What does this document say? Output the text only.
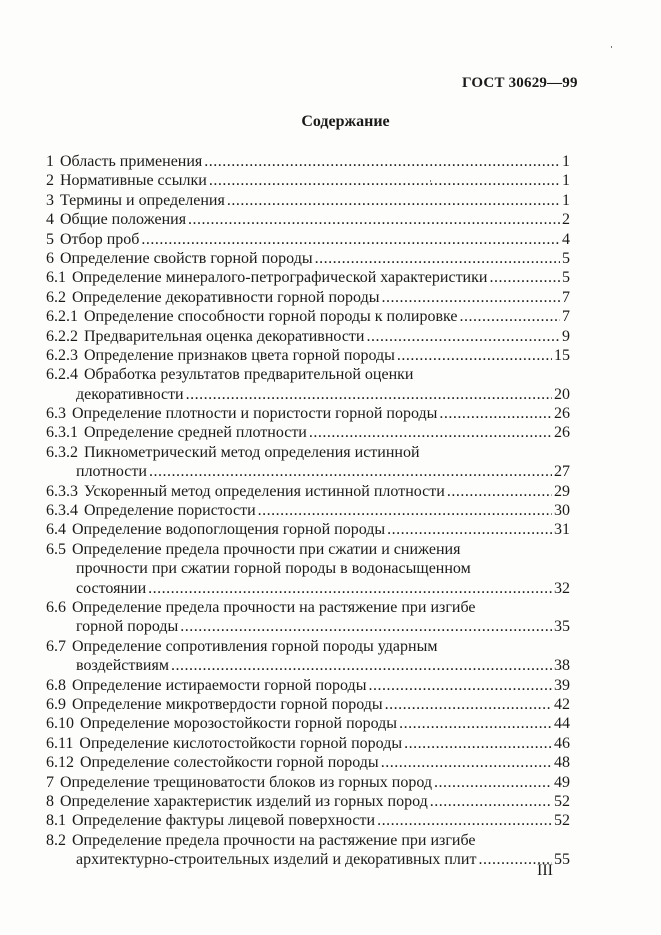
ГОСТ 30629—99
Содержание
1 Область применения .....	1
2 Нормативные ссылки .....	1
3 Термины и определения .....	1
4 Общие положения .....	2
5 Отбор проб .....	4
6 Определение свойств горной породы .....	5
6.1 Определение минералого-петрографической характеристики .....	5
6.2 Определение декоративности горной породы .....	7
6.2.1 Определение способности горной породы к полировке .....	7
6.2.2 Предварительная оценка декоративности .....	9
6.2.3 Определение признаков цвета горной породы .....	15
6.2.4 Обработка результатов предварительной оценки
декоративности .....	20
6.3 Определение плотности и пористости горной породы .....	26
6.3.1 Определение средней плотности .....	26
6.3.2 Пикнометрический метод определения истинной
плотности .....	27
6.3.3 Ускоренный метод определения истинной плотности .....	29
6.3.4 Определение пористости .....	30
6.4 Определение водопоглощения горной породы .....	31
6.5 Определение предела прочности при сжатии и снижения
прочности при сжатии горной породы в водонасыщенном
состоянии .....	32
6.6 Определение предела прочности на растяжение при изгибе
горной породы .....	35
6.7 Определение сопротивления горной породы ударным
воздействиям .....	38
6.8 Определение истираемости горной породы .....	39
6.9 Определение микротвердости горной породы .....	42
6.10 Определение морозостойкости горной породы .....	44
6.11 Определение кислотостойкости горной породы .....	46
6.12 Определение солестойкости горной породы .....	48
7 Определение трещиноватости блоков из горных пород .....	49
8 Определение характеристик изделий из горных пород .....	52
8.1 Определение фактуры лицевой поверхности .....	52
8.2 Определение предела прочности на растяжение при изгибе
архитектурно-строительных изделий и декоративных плит .....	55
III
